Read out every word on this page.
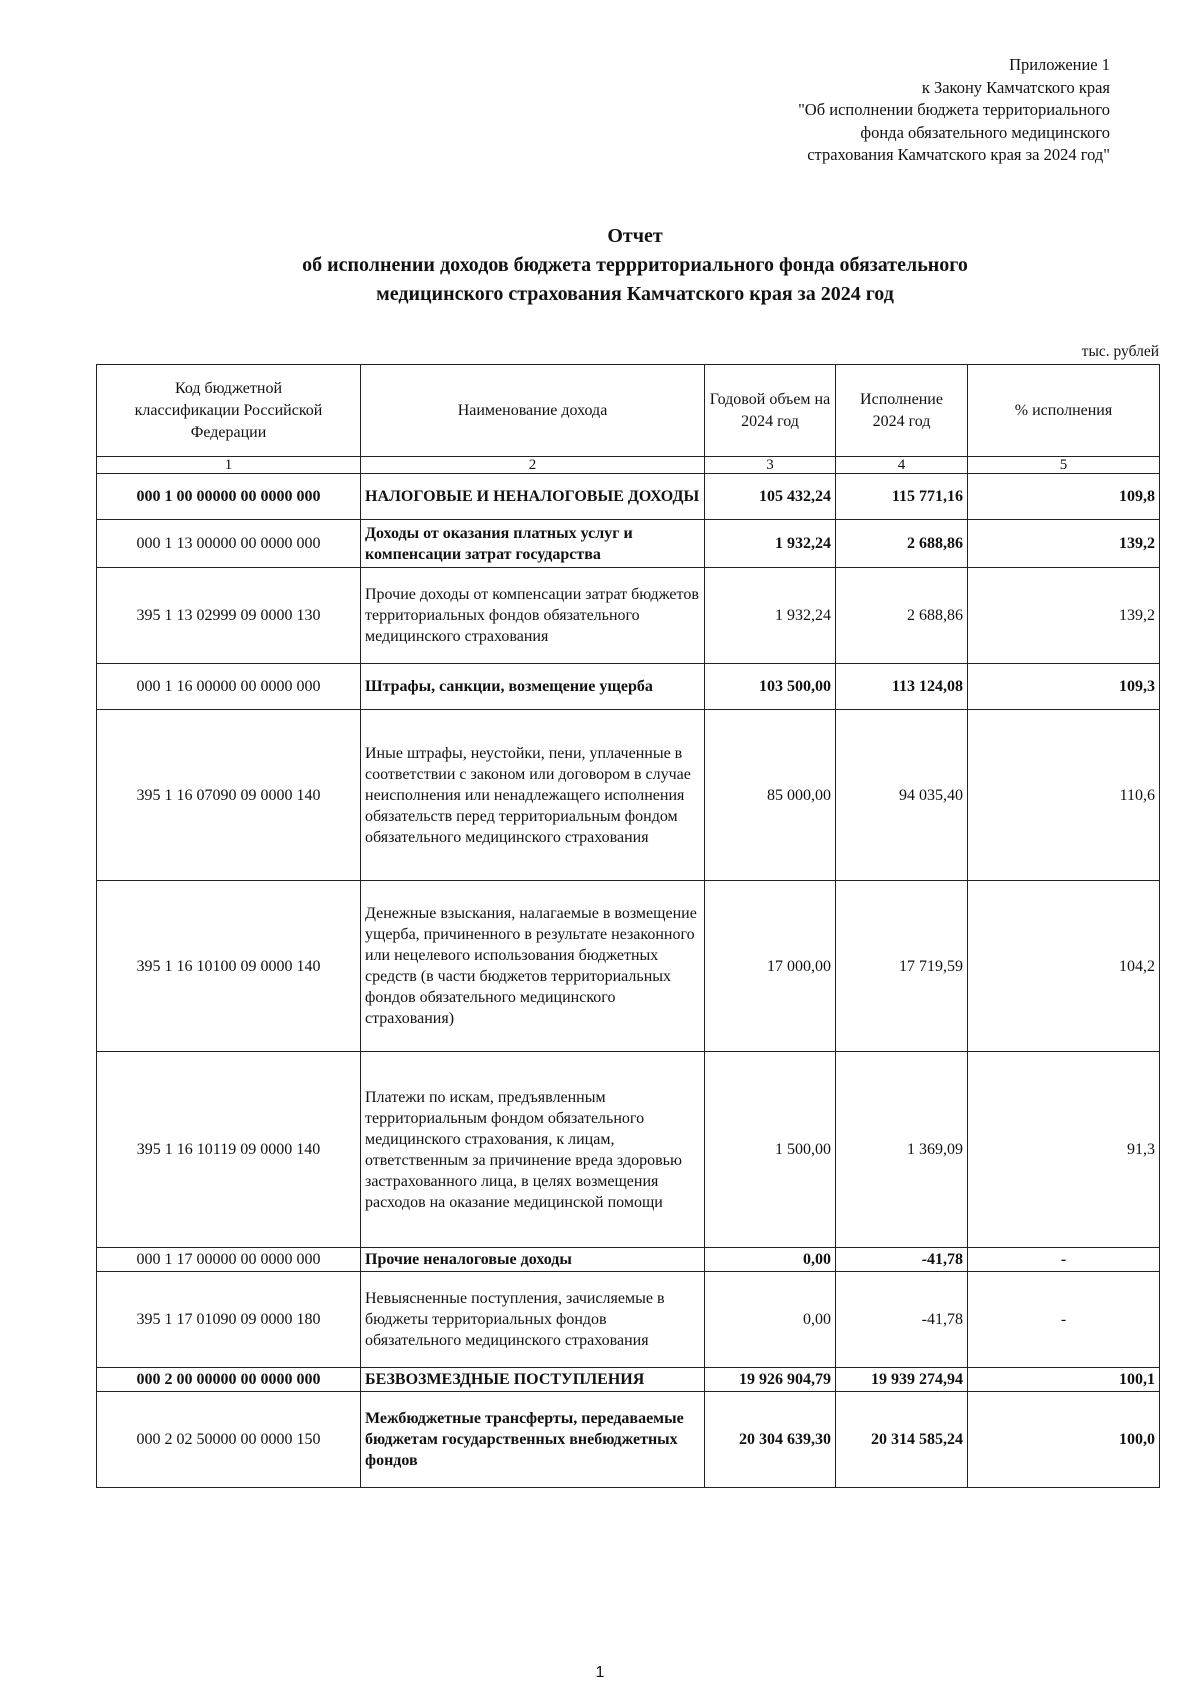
Приложение 1
к Закону Камчатского края
"Об исполнении бюджета территориального
фонда обязательного медицинского
страхования Камчатского края за 2024 год"
Отчет
об исполнении доходов бюджета террриториального фонда обязательного
медицинского страхования Камчатского края за 2024 год
тыс. рублей
Код бюджетной классификации Российской Федерации	Наименование дохода	Годовой объем на 2024 год	Исполнение 2024 год	% исполнения
1	2	3	4	5
000 1 00 00000 00 0000 000	НАЛОГОВЫЕ И НЕНАЛОГОВЫЕ ДОХОДЫ	105 432,24	115 771,16	109,8
000 1 13 00000 00 0000 000	Доходы от оказания платных услуг и компенсации затрат государства	1 932,24	2 688,86	139,2
395 1 13 02999 09 0000 130	Прочие доходы от компенсации затрат бюджетов территориальных фондов обязательного медицинского страхования	1 932,24	2 688,86	139,2
000 1 16 00000 00 0000 000	Штрафы, санкции, возмещение ущерба	103 500,00	113 124,08	109,3
395 1 16 07090 09 0000 140	Иные штрафы, неустойки, пени, уплаченные в соответствии с законом или договором в случае неисполнения или ненадлежащего исполнения обязательств перед территориальным фондом обязательного медицинского страхования	85 000,00	94 035,40	110,6
395 1 16 10100 09 0000 140	Денежные взыскания, налагаемые в возмещение ущерба, причиненного в результате незаконного или нецелевого использования бюджетных средств (в части бюджетов территориальных фондов обязательного медицинского страхования)	17 000,00	17 719,59	104,2
395 1 16 10119 09 0000 140	Платежи по искам, предъявленным территориальным фондом обязательного медицинского страхования, к лицам, ответственным за причинение вреда здоровью застрахованного лица, в целях возмещения расходов на оказание медицинской помощи	1 500,00	1 369,09	91,3
000 1 17 00000 00 0000 000	Прочие неналоговые доходы	0,00	-41,78	-
395 1 17 01090 09 0000 180	Невыясненные поступления, зачисляемые в бюджеты территориальных фондов обязательного медицинского страхования	0,00	-41,78	-
000 2 00 00000 00 0000 000	БЕЗВОЗМЕЗДНЫЕ ПОСТУПЛЕНИЯ	19 926 904,79	19 939 274,94	100,1
000 2 02 50000 00 0000 150	Межбюджетные трансферты, передаваемые бюджетам государственных внебюджетных фондов	20 304 639,30	20 314 585,24	100,0
1
